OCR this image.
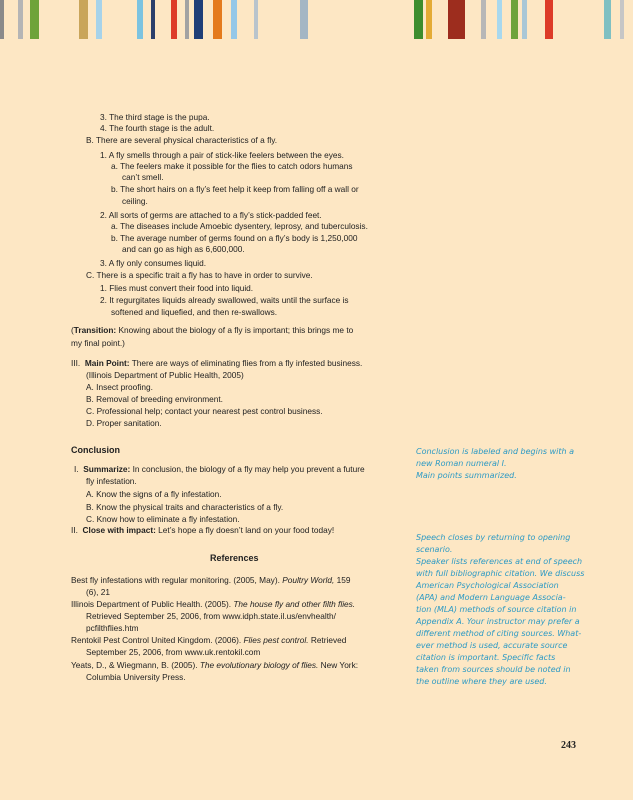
3. The third stage is the pupa.
4. The fourth stage is the adult.
B. There are several physical characteristics of a fly.
1. A fly smells through a pair of stick-like feelers between the eyes.
a. The feelers make it possible for the flies to catch odors humans
can’t smell.
b. The short hairs on a fly’s feet help it keep from falling off a wall or
ceiling.
2. All sorts of germs are attached to a fly’s stick-padded feet.
a. The diseases include Amoebic dysentery, leprosy, and tuberculosis.
b. The average number of germs found on a fly’s body is 1,250,000
and can go as high as 6,600,000.
3. A fly only consumes liquid.
C. There is a specific trait a fly has to have in order to survive.
1. Flies must convert their food into liquid.
2. It regurgitates liquids already swallowed, waits until the surface is
softened and liquefied, and then re-swallows.
(Transition: Knowing about the biology of a fly is important; this brings me to
my final point.)
III. Main Point: There are ways of eliminating flies from a fly infested business.
(Illinois Department of Public Health, 2005)
A. Insect proofing.
B. Removal of breeding environment.
C. Professional help; contact your nearest pest control business.
D. Proper sanitation.
Conclusion
I. Summarize: In conclusion, the biology of a fly may help you prevent a future
fly infestation.
A. Know the signs of a fly infestation.
B. Know the physical traits and characteristics of a fly.
C. Know how to eliminate a fly infestation.
II. Close with impact: Let’s hope a fly doesn’t land on your food today!
References
Best fly infestations with regular monitoring. (2005, May). Poultry World, 159
(6), 21
Illinois Department of Public Health. (2005). The house fly and other filth flies.
Retrieved September 25, 2006, from www.idph.state.il.us/envhealth/
pcfilthflies.htm
Rentokil Pest Control United Kingdom. (2006). Flies pest control. Retrieved
September 25, 2006, from www.uk.rentokil.com
Yeats, D., & Wiegmann, B. (2005). The evolutionary biology of flies. New York:
Columbia University Press.
Conclusion is labeled and begins with a
new Roman numeral I.
Main points summarized.
Speech closes by returning to opening
scenario.
Speaker lists references at end of speech
with full bibliographic citation. We discuss
American Psychological Association
(APA) and Modern Language Associa-
tion (MLA) methods of source citation in
Appendix A. Your instructor may prefer a
different method of citing sources. What-
ever method is used, accurate source
citation is important. Specific facts
taken from sources should be noted in
the outline where they are used.
243
